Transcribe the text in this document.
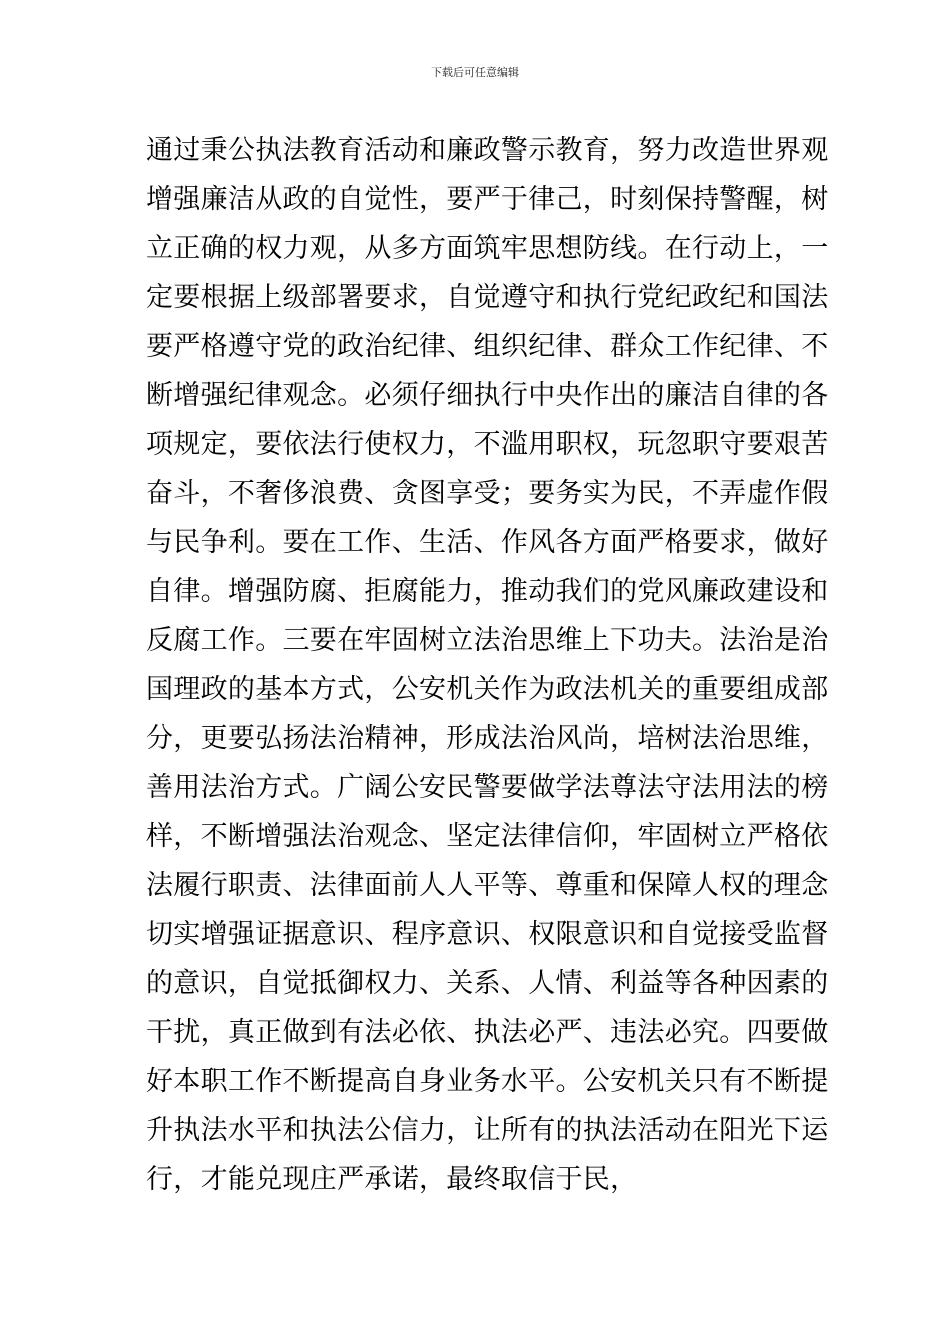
下载后可任意编辑
通过秉公执法教育活动和廉政警示教育，努力改造世界观
增强廉洁从政的自觉性，要严于律己，时刻保持警醒，树
立正确的权力观，从多方面筑牢思想防线。在行动上，一
定要根据上级部署要求，自觉遵守和执行党纪政纪和国法
要严格遵守党的政治纪律、组织纪律、群众工作纪律、不
断增强纪律观念。必须仔细执行中央作出的廉洁自律的各
项规定，要依法行使权力，不滥用职权，玩忽职守要艰苦
奋斗，不奢侈浪费、贪图享受；要务实为民，不弄虚作假
与民争利。要在工作、生活、作风各方面严格要求，做好
自律。增强防腐、拒腐能力，推动我们的党风廉政建设和
反腐工作。三要在牢固树立法治思维上下功夫。法治是治
国理政的基本方式，公安机关作为政法机关的重要组成部
分，更要弘扬法治精神，形成法治风尚，培树法治思维，
善用法治方式。广阔公安民警要做学法尊法守法用法的榜
样，不断增强法治观念、坚定法律信仰，牢固树立严格依
法履行职责、法律面前人人平等、尊重和保障人权的理念
切实增强证据意识、程序意识、权限意识和自觉接受监督
的意识，自觉抵御权力、关系、人情、利益等各种因素的
干扰，真正做到有法必依、执法必严、违法必究。四要做
好本职工作不断提高自身业务水平。公安机关只有不断提
升执法水平和执法公信力，让所有的执法活动在阳光下运
行，才能兑现庄严承诺，最终取信于民，
